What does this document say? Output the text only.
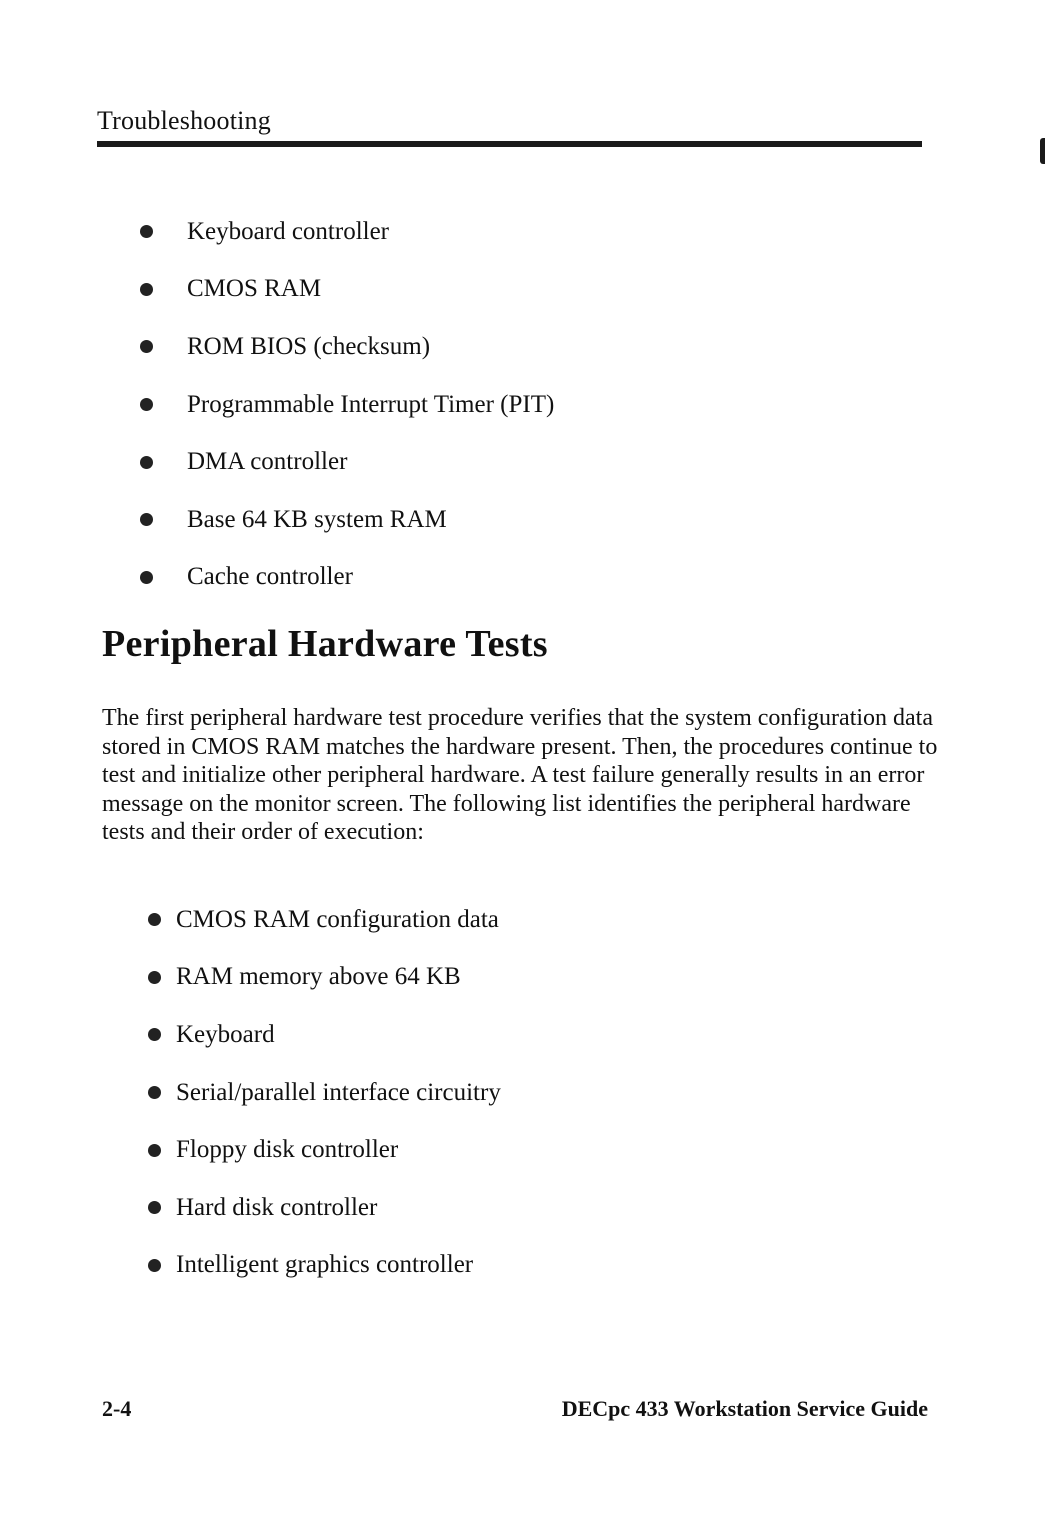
Troubleshooting
Keyboard controller
CMOS RAM
ROM BIOS (checksum)
Programmable Interrupt Timer (PIT)
DMA controller
Base 64 KB system RAM
Cache controller
Peripheral Hardware Tests

The first peripheral hardware test procedure verifies that the system configuration data stored in CMOS RAM matches the hardware present. Then, the procedures continue to test and initialize other peripheral hardware. A test failure generally results in an error message on the monitor screen. The following list identifies the peripheral hardware tests and their order of execution:

CMOS RAM configuration data
RAM memory above 64 KB
Keyboard
Serial/parallel interface circuitry
Floppy disk controller
Hard disk controller
Intelligent graphics controller
2-4	DECpc 433 Workstation Service Guide
